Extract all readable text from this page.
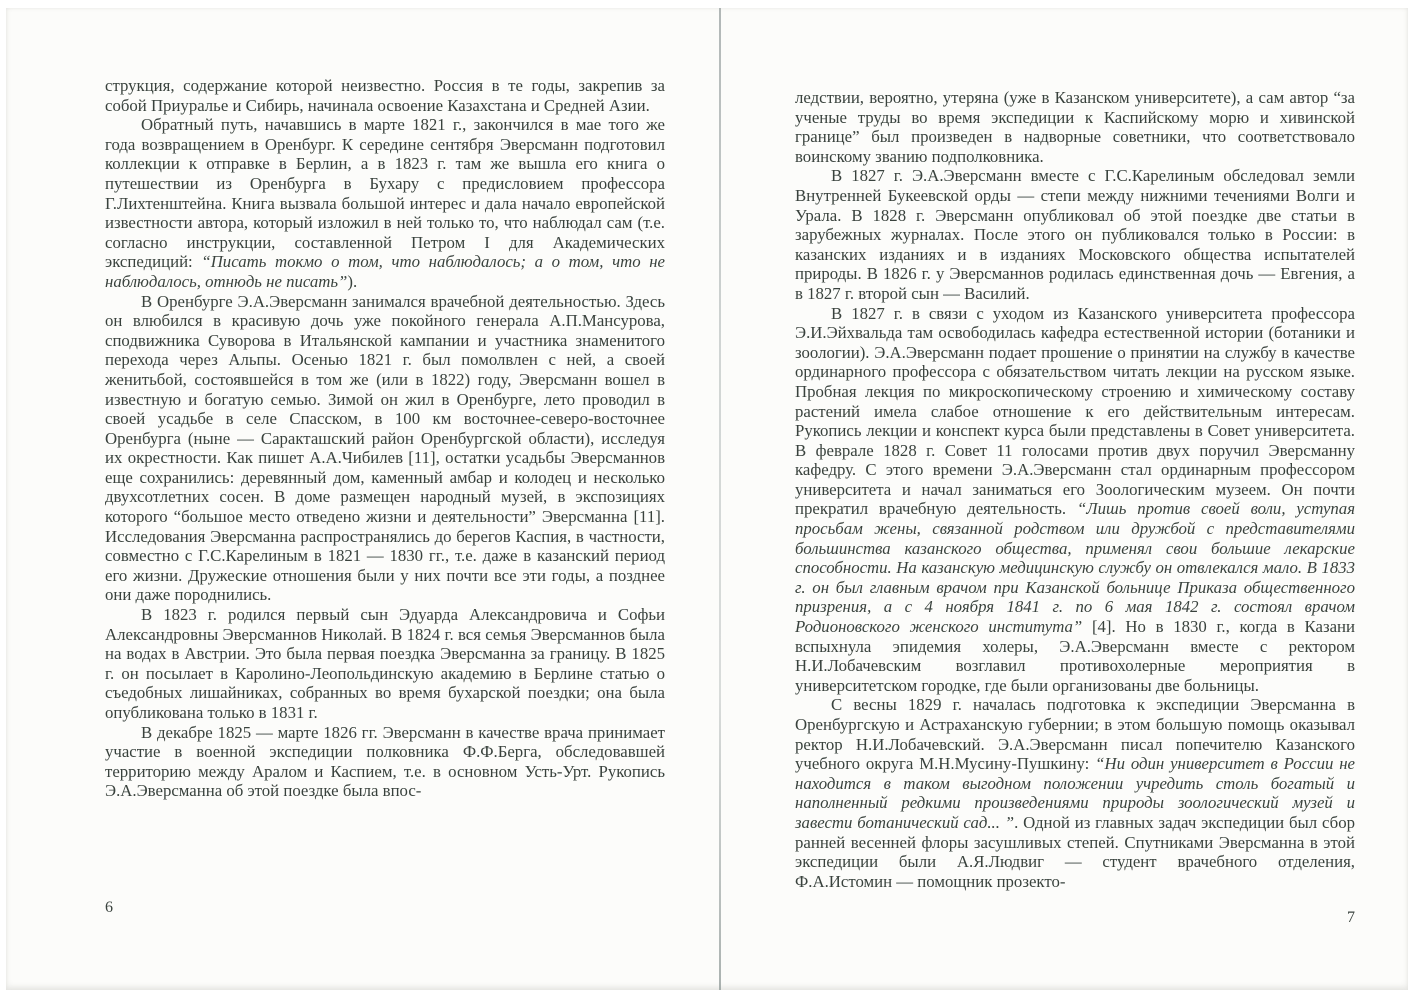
струкция, содержание которой неизвестно. Россия в те годы, закрепив за собой Приуралье и Сибирь, начинала освоение Казахстана и Средней Азии.

Обратный путь, начавшись в марте 1821 г., закончился в мае того же года возвращением в Оренбург. К середине сентября Эверсманн подготовил коллекции к отправке в Берлин, а в 1823 г. там же вышла его книга о путешествии из Оренбурга в Бухару с предисловием профессора Г.Лихтенштейна. Книга вызвала большой интерес и дала начало европейской известности автора, который изложил в ней только то, что наблюдал сам (т.е. согласно инструкции, составленной Петром I для Академических экспедиций: “Писать токмо о том, что наблюдалось; а о том, что не наблюдалось, отнюдь не писать”).

В Оренбурге Э.А.Эверсманн занимался врачебной деятельностью. Здесь он влюбился в красивую дочь уже покойного генерала А.П.Мансурова, сподвижника Суворова в Итальянской кампании и участника знаменитого перехода через Альпы. Осенью 1821 г. был помолвлен с ней, а своей женитьбой, состоявшейся в том же (или в 1822) году, Эверсманн вошел в известную и богатую семью. Зимой он жил в Оренбурге, лето проводил в своей усадьбе в селе Спасском, в 100 км восточнее-северо-восточнее Оренбурга (ныне — Саракташский район Оренбургской области), исследуя их окрестности. Как пишет А.А.Чибилев [11], остатки усадьбы Эверсманнов еще сохранились: деревянный дом, каменный амбар и колодец и несколько двухсотлетних сосен. В доме размещен народный музей, в экспозициях которого “большое место отведено жизни и деятельности” Эверсманна [11]. Исследования Эверсманна распространялись до берегов Каспия, в частности, совместно с Г.С.Карелиным в 1821 — 1830 гг., т.е. даже в казанский период его жизни. Дружеские отношения были у них почти все эти годы, а позднее они даже породнились.

В 1823 г. родился первый сын Эдуарда Александровича и Софьи Александровны Эверсманнов Николай. В 1824 г. вся семья Эверсманнов была на водах в Австрии. Это была первая поездка Эверсманна за границу. В 1825 г. он посылает в Каролино-Леопольдинскую академию в Берлине статью о съедобных лишайниках, собранных во время бухарской поездки; она была опубликована только в 1831 г.

В декабре 1825 — марте 1826 гг. Эверсманн в качестве врача принимает участие в военной экспедиции полковника Ф.Ф.Берга, обследовавшей территорию между Аралом и Каспием, т.е. в основном Усть-Урт. Рукопись Э.А.Эверсманна об этой поездке была впос-

6

ледствии, вероятно, утеряна (уже в Казанском университете), а сам автор “за ученые труды во время экспедиции к Каспийскому морю и хивинской границе” был произведен в надворные советники, что соответствовало воинскому званию подполковника.

В 1827 г. Э.А.Эверсманн вместе с Г.С.Карелиным обследовал земли Внутренней Букеевской орды — степи между нижними течениями Волги и Урала. В 1828 г. Эверсманн опубликовал об этой поездке две статьи в зарубежных журналах. После этого он публиковался только в России: в казанских изданиях и в изданиях Московского общества испытателей природы. В 1826 г. у Эверсманнов родилась единственная дочь — Евгения, а в 1827 г. второй сын — Василий.

В 1827 г. в связи с уходом из Казанского университета профессора Э.И.Эйхвальда там освободилась кафедра естественной истории (ботаники и зоологии). Э.А.Эверсманн подает прошение о принятии на службу в качестве ординарного профессора с обязательством читать лекции на русском языке. Пробная лекция по микроскопическому строению и химическому составу растений имела слабое отношение к его действительным интересам. Рукопись лекции и конспект курса были представлены в Совет университета. В феврале 1828 г. Совет 11 голосами против двух поручил Эверсманну кафедру. С этого времени Э.А.Эверсманн стал ординарным профессором университета и начал заниматься его Зоологическим музеем. Он почти прекратил врачебную деятельность. “Лишь против своей воли, уступая просьбам жены, связанной родством или дружбой с представителями большинства казанского общества, применял свои большие лекарские способности. На казанскую медицинскую службу он отвлекался мало. В 1833 г. он был главным врачом при Казанской больнице Приказа общественного призрения, а с 4 ноября 1841 г. по 6 мая 1842 г. состоял врачом Родионовского женского института” [4]. Но в 1830 г., когда в Казани вспыхнула эпидемия холеры, Э.А.Эверсманн вместе с ректором Н.И.Лобачевским возглавил противохолерные мероприятия в университетском городке, где были организованы две больницы.

С весны 1829 г. началась подготовка к экспедиции Эверсманна в Оренбургскую и Астраханскую губернии; в этом большую помощь оказывал ректор Н.И.Лобачевский. Э.А.Эверсманн писал попечителю Казанского учебного округа М.Н.Мусину-Пушкину: “Ни один университет в России не находится в таком выгодном положении учредить столь богатый и наполненный редкими произведениями природы зоологический музей и завести ботанический сад... ”. Одной из главных задач экспедиции был сбор ранней весенней флоры засушливых степей. Спутниками Эверсманна в этой экспедиции были А.Я.Людвиг — студент врачебного отделения, Ф.А.Истомин — помощник прозекто-

7
